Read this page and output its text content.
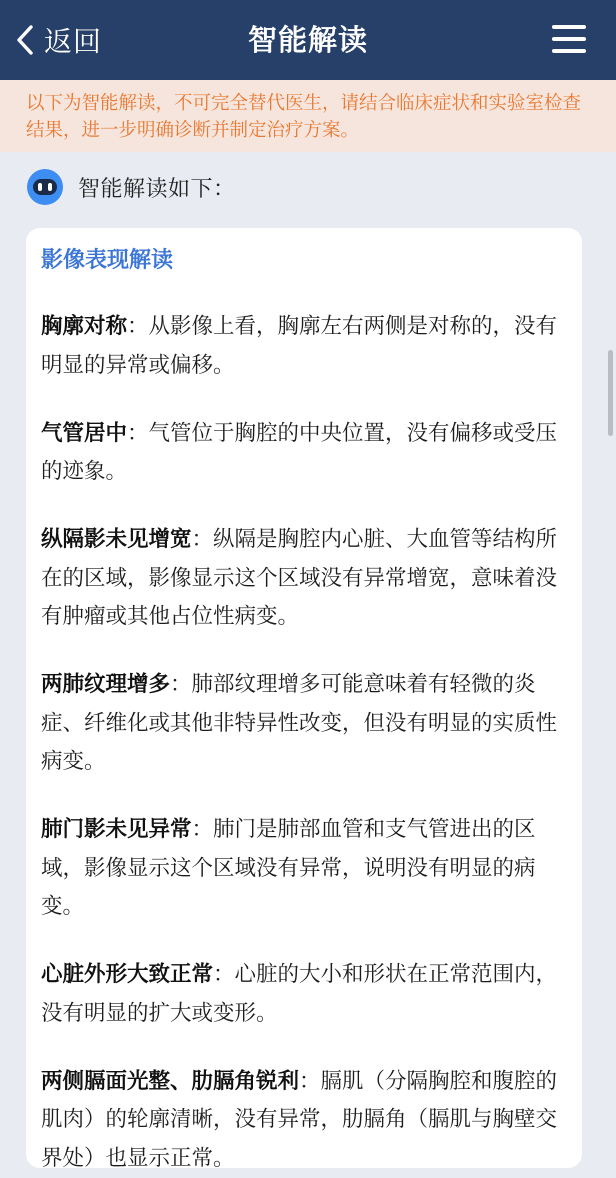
返回	智能解读
以下为智能解读，不可完全替代医生，请结合临床症状和实验室检查结果，进一步明确诊断并制定治疗方案。
智能解读如下：
影像表现解读
胸廓对称：从影像上看，胸廓左右两侧是对称的，没有明显的异常或偏移。
气管居中：气管位于胸腔的中央位置，没有偏移或受压的迹象。
纵隔影未见增宽：纵隔是胸腔内心脏、大血管等结构所在的区域，影像显示这个区域没有异常增宽，意味着没有肿瘤或其他占位性病变。
两肺纹理增多：肺部纹理增多可能意味着有轻微的炎症、纤维化或其他非特异性改变，但没有明显的实质性病变。
肺门影未见异常：肺门是肺部血管和支气管进出的区域，影像显示这个区域没有异常，说明没有明显的病变。
心脏外形大致正常：心脏的大小和形状在正常范围内，没有明显的扩大或变形。
两侧膈面光整、肋膈角锐利：膈肌（分隔胸腔和腹腔的肌肉）的轮廓清晰，没有异常，肋膈角（膈肌与胸壁交界处）也显示正常。
